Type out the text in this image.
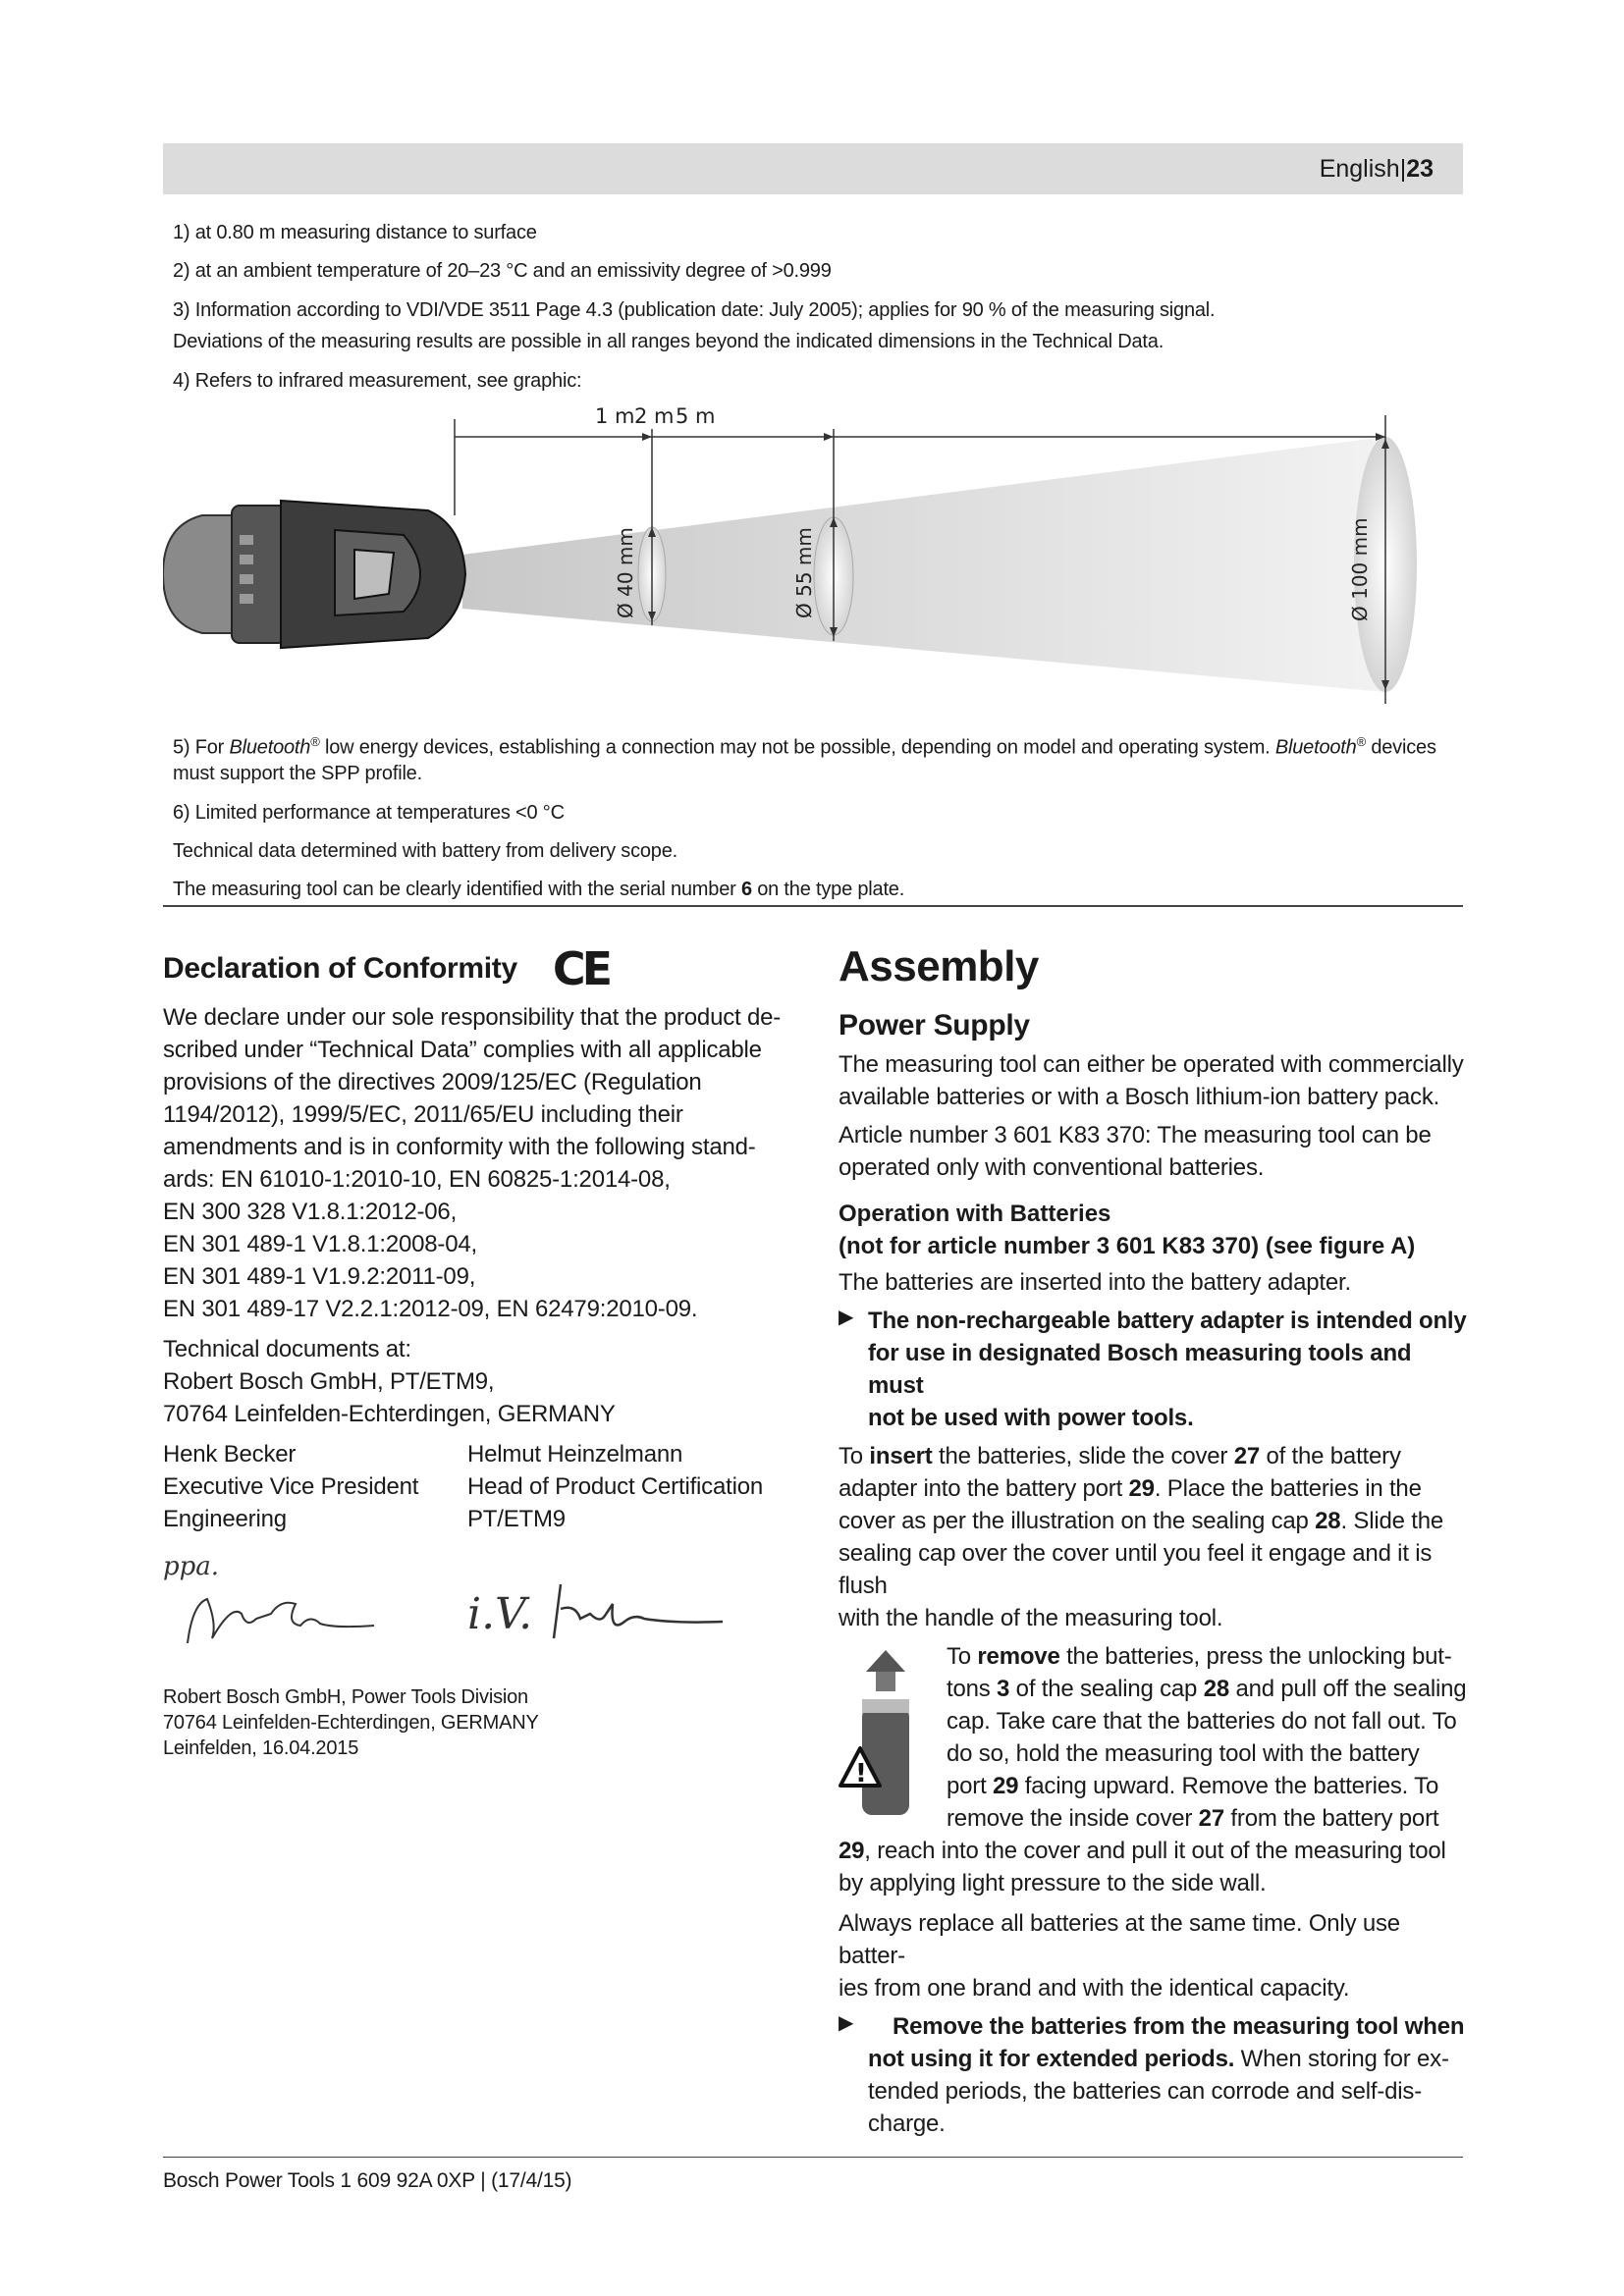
English|23
1) at 0.80 m measuring distance to surface
2) at an ambient temperature of 20–23 °C and an emissivity degree of >0.999
3) Information according to VDI/VDE 3511 Page 4.3 (publication date: July 2005); applies for 90 % of the measuring signal.
Deviations of the measuring results are possible in all ranges beyond the indicated dimensions in the Technical Data.
4) Refers to infrared measurement, see graphic:
1 m 2 m 5 m
Ø 40 mm	Ø 55 mm	Ø 100 mm
5) For Bluetooth® low energy devices, establishing a connection may not be possible, depending on model and operating system. Bluetooth® devices
must support the SPP profile.
6) Limited performance at temperatures <0 °C
Technical data determined with battery from delivery scope.
The measuring tool can be clearly identified with the serial number 6 on the type plate.
Declaration of Conformity CE

We declare under our sole responsibility that the product de-

scribed under “Technical Data” complies with all applicable

provisions of the directives 2009/125/EC (Regulation

1194/2012), 1999/5/EC, 2011/65/EU including their

amendments and is in conformity with the following stand-

ards: EN 61010-1:2010-10, EN 60825-1:2014-08,

EN 300 328 V1.8.1:2012-06,

EN 301 489-1 V1.8.1:2008-04,

EN 301 489-1 V1.9.2:2011-09,

EN 301 489-17 V2.2.1:2012-09, EN 62479:2010-09.

Technical documents at:

Robert Bosch GmbH, PT/ETM9,

70764 Leinfelden-Echterdingen, GERMANY

Henk Becker
Executive Vice President
Engineering
Helmut Heinzelmann
Head of Product Certification
PT/ETM9
ppa.
i.V.
Robert Bosch GmbH, Power Tools Division
70764 Leinfelden-Echterdingen, GERMANY
Leinfelden, 16.04.2015
Assembly
Power Supply

The measuring tool can either be operated with commercially

available batteries or with a Bosch lithium-ion battery pack.

Article number 3 601 K83 370: The measuring tool can be

operated only with conventional batteries.

Operation with Batteries

(not for article number 3 601 K83 370) (see figure A)

The batteries are inserted into the battery adapter.

▶ The non-rechargeable battery adapter is intended only

for use in designated Bosch measuring tools and must

not be used with power tools.

To insert the batteries, slide the cover 27 of the battery

adapter into the battery port 29. Place the batteries in the

cover as per the illustration on the sealing cap 28. Slide the

sealing cap over the cover until you feel it engage and it is flush

with the handle of the measuring tool.

!

To remove the batteries, press the unlocking but-

tons 3 of the sealing cap 28 and pull off the sealing

cap. Take care that the batteries do not fall out. To

do so, hold the measuring tool with the battery

port 29 facing upward. Remove the batteries. To

remove the inside cover 27 from the battery port

29, reach into the cover and pull it out of the measuring tool

by applying light pressure to the side wall.

Always replace all batteries at the same time. Only use batter-

ies from one brand and with the identical capacity.

▶	Remove the batteries from the measuring tool when

not using it for extended periods. When storing for ex-

tended periods, the batteries can corrode and self-dis-

charge.

Bosch Power Tools 1 609 92A 0XP | (17/4/15)
